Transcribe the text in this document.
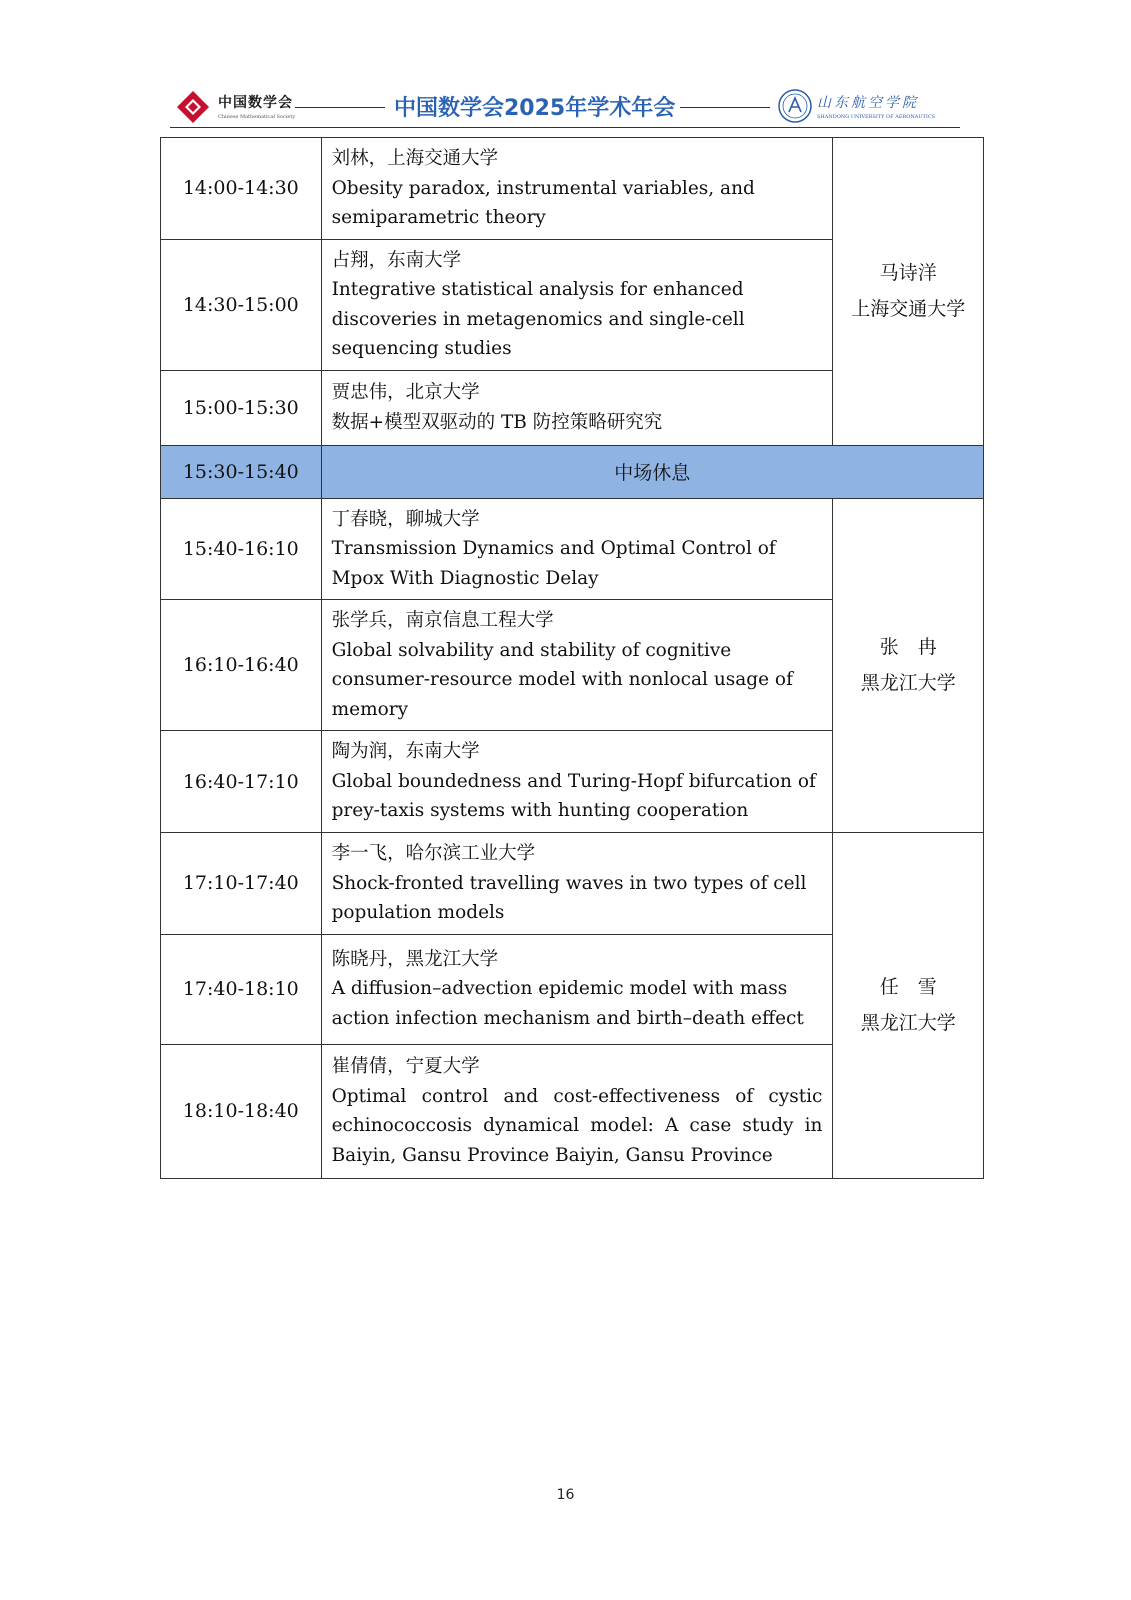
中国数学会
Chinese Mathematical Society	中国数学会2025年学术年会	山东航空学院
SHANDONG UNIVERSITY OF AERONAUTICS
14:00-14:30	刘林，上海交通大学
Obesity paradox, instrumental variables, and semiparametric theory	马诗洋
上海交通大学

14:30-15:00	占翔，东南大学
Integrative statistical analysis for enhanced discoveries in metagenomics and single-cell sequencing studies	

15:00-15:30	贾忠伟，北京大学
数据+模型双驱动的 TB 防控策略研究究	

15:30-15:40	中场休息	
15:40-16:10	丁春晓，聊城大学
Transmission Dynamics and Optimal Control of Mpox With Diagnostic Delay	张　冉
黑龙江大学

16:10-16:40	张学兵，南京信息工程大学
Global solvability and stability of cognitive consumer-resource model with nonlocal usage of memory	

16:40-17:10	陶为润，东南大学
Global boundedness and Turing-Hopf bifurcation of prey-taxis systems with hunting cooperation	

17:10-17:40	李一飞，哈尔滨工业大学
Shock-fronted travelling waves in two types of cell population models	任　雪
黑龙江大学

17:40-18:10	陈晓丹，黑龙江大学
A diffusion–advection epidemic model with mass action infection mechanism and birth–death effect	

18:10-18:40	崔倩倩，宁夏大学
Optimal control and cost-effectiveness of cystic echinococcosis dynamical model: A case study in Baiyin, Gansu Province Baiyin, Gansu Province	
16
